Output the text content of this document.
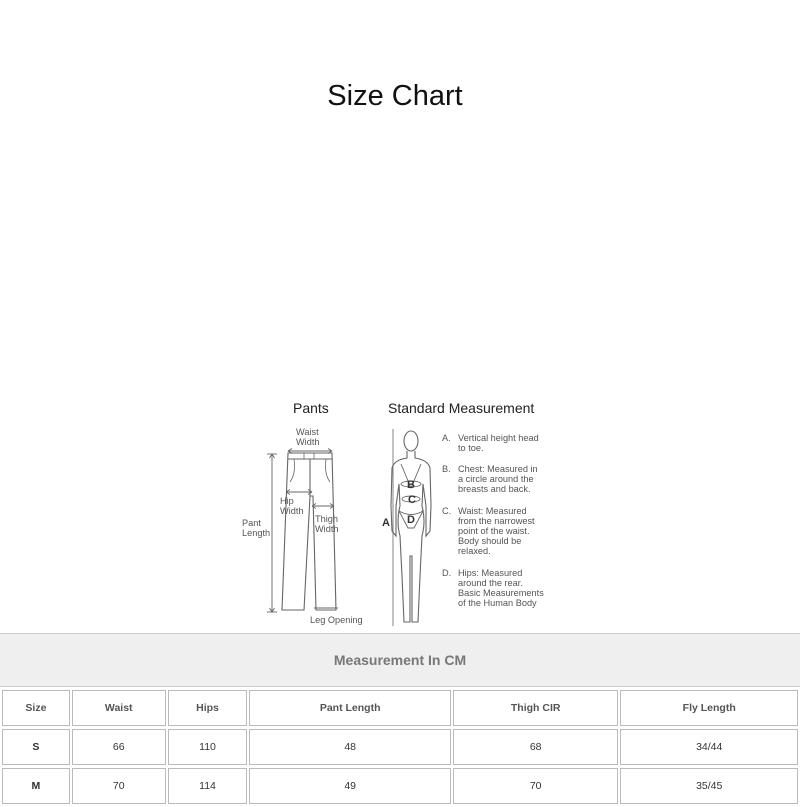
Size Chart
Pants	Standard Measurement
Waist
Width
Hip
Width
Thigh
Width
Pant
Length
Leg Opening
A
B
C
D
A. Vertical height head
to toe.
B. Chest: Measured in
a circle around the
breasts and back.
C. Waist: Measured
from the narrowest
point of the waist.
Body should be
relaxed.
D. Hips: Measured
around the rear.
Basic Measurements
of the Human Body
Measurement In CM
Size	Waist	Hips	Pant Length	Thigh CIR	Fly Length
S	66	110	48	68	34/44
M	70	114	49	70	35/45
